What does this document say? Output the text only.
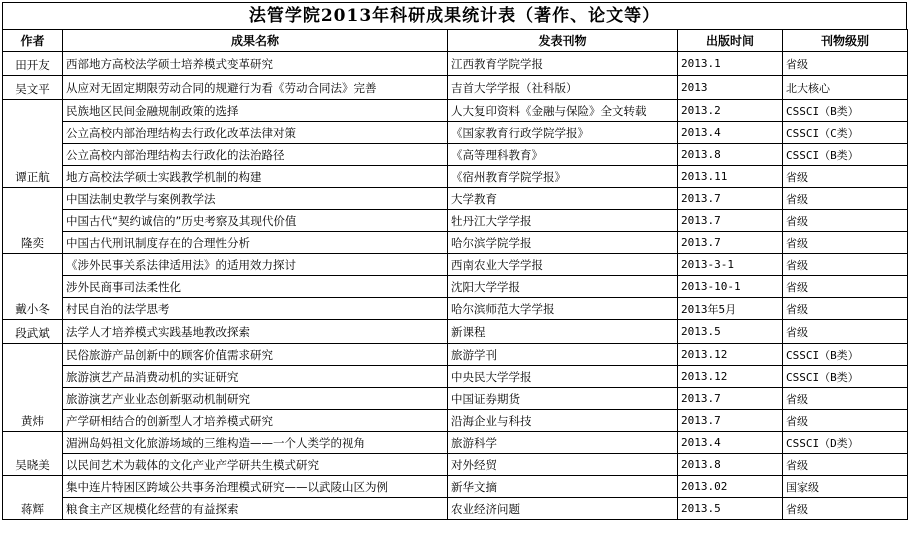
法管学院2013年科研成果统计表（著作、论文等）
作者	成果名称	发表刊物	出版时间	刊物级别
田开友	西部地方高校法学硕士培养模式变革研究	江西教育学院学报	2013.1	省级
吴文平	从应对无固定期限劳动合同的规避行为看《劳动合同法》完善	吉首大学学报（社科版）	2013	北大核心
谭正航	民族地区民间金融规制政策的选择	人大复印资料《金融与保险》全文转载	2013.2	CSSCI（B类）
	公立高校内部治理结构去行政化改革法律对策	《国家教育行政学院学报》	2013.4	CSSCI（C类）
	公立高校内部治理结构去行政化的法治路径	《高等理科教育》	2013.8	CSSCI（B类）
	地方高校法学硕士实践教学机制的构建	《宿州教育学院学报》	2013.11	省级
隆奕	中国法制史教学与案例教学法	大学教育	2013.7	省级
	中国古代“契约诚信的”历史考察及其现代价值	牡丹江大学学报	2013.7	省级
	中国古代刑讯制度存在的合理性分析	哈尔滨学院学报	2013.7	省级
戴小冬	《涉外民事关系法律适用法》的适用效力探讨	西南农业大学学报	2013-3-1	省级
	涉外民商事司法柔性化	沈阳大学学报	2013-10-1	省级
	村民自治的法学思考	哈尔滨师范大学学报	2013年5月	省级
段武斌	法学人才培养模式实践基地教改探索	新课程	2013.5	省级
黄炜	民俗旅游产品创新中的顾客价值需求研究	旅游学刊	2013.12	CSSCI（B类）
	旅游演艺产品消费动机的实证研究	中央民大学学报	2013.12	CSSCI（B类）
	旅游演艺产业业态创新驱动机制研究	中国证券期货	2013.7	省级
	产学研相结合的创新型人才培养模式研究	沿海企业与科技	2013.7	省级
吴晓美	湄洲岛妈祖文化旅游场域的三维构造——一个人类学的视角	旅游科学	2013.4	CSSCI（D类）
	以民间艺术为载体的文化产业产学研共生模式研究	对外经贸	2013.8	省级
蒋辉	集中连片特困区跨域公共事务治理模式研究——以武陵山区为例	新华文摘	2013.02	国家级
	粮食主产区规模化经营的有益探索	农业经济问题	2013.5	省级
